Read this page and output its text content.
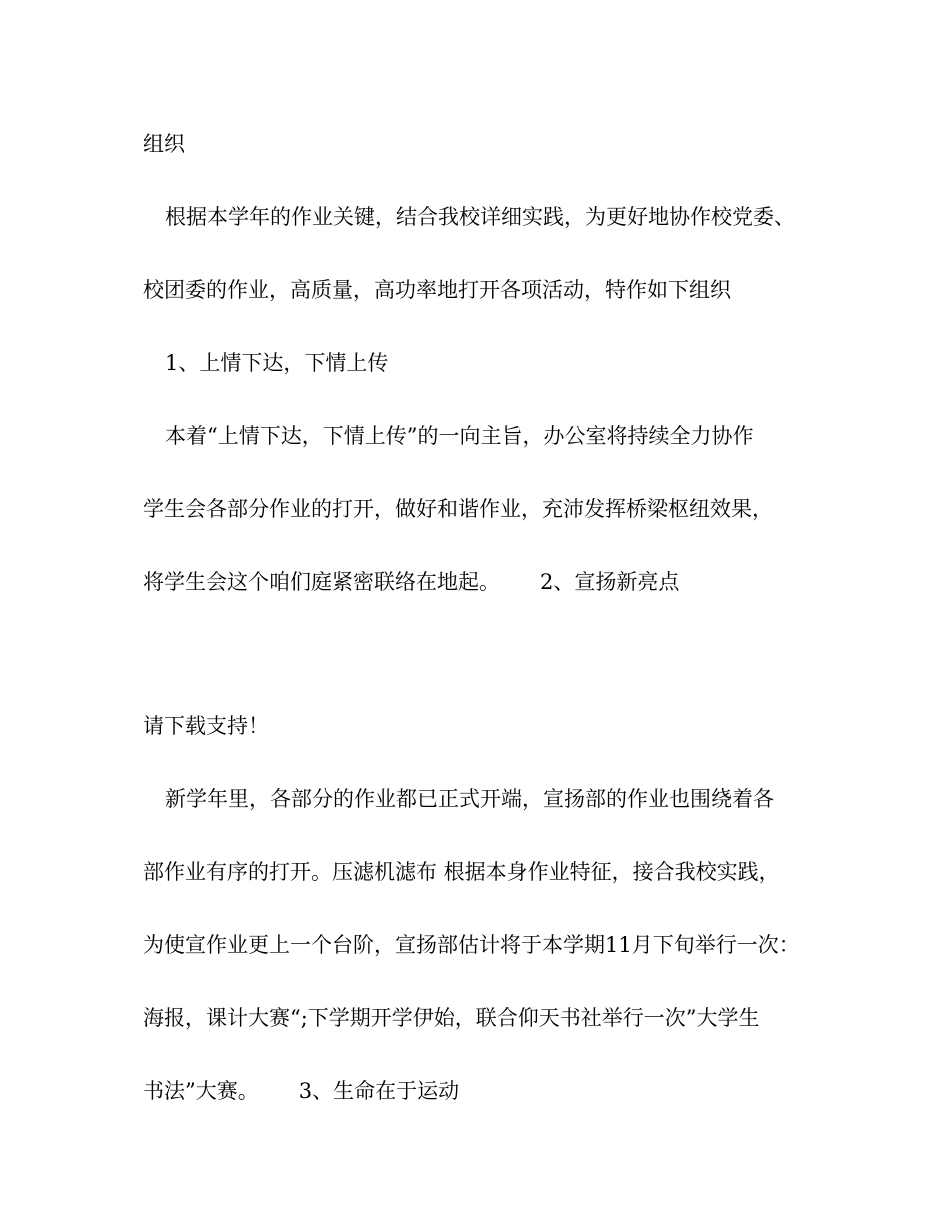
组织

根据本学年的作业关键，结合我校详细实践，为更好地协作校党委、

校团委的作业，高质量，高功率地打开各项活动，特作如下组织

1、上情下达，下情上传

本着“上情下达，下情上传”的一向主旨，办公室将持续全力协作

学生会各部分作业的打开，做好和谐作业，充沛发挥桥梁枢纽效果，

将学生会这个咱们庭紧密联络在地起。      2、宣扬新亮点

请下载支持！

新学年里，各部分的作业都已正式开端，宣扬部的作业也围绕着各

部作业有序的打开。压滤机滤布 根据本身作业特征，接合我校实践，

为使宣作业更上一个台阶，宣扬部估计将于本学期11月下旬举行一次：

海报，课计大赛“;下学期开学伊始，联合仰天书社举行一次”大学生

书法”大赛。      3、生命在于运动
